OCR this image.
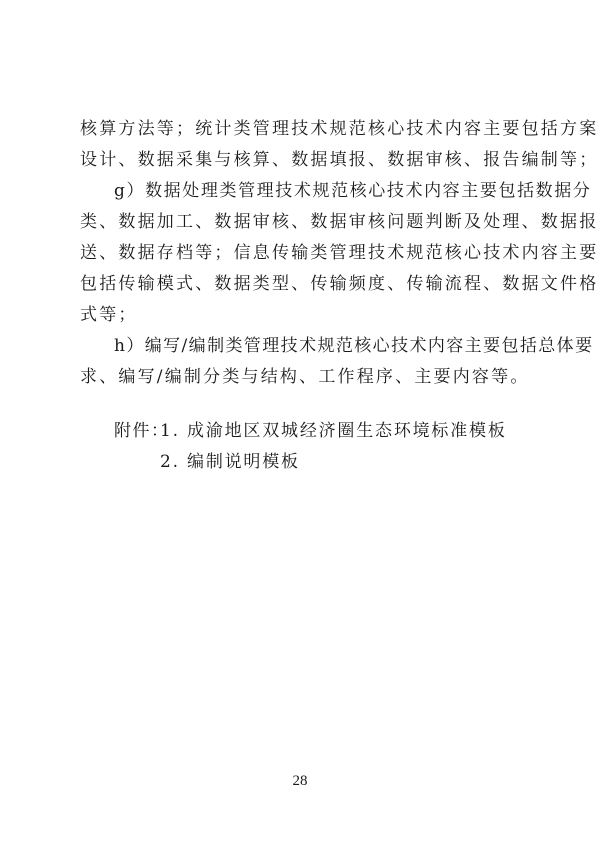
核算方法等；统计类管理技术规范核心技术内容主要包括方案
设计、数据采集与核算、数据填报、数据审核、报告编制等；
g）数据处理类管理技术规范核心技术内容主要包括数据分
类、数据加工、数据审核、数据审核问题判断及处理、数据报
送、数据存档等；信息传输类管理技术规范核心技术内容主要
包括传输模式、数据类型、传输频度、传输流程、数据文件格
式等；
h）编写/编制类管理技术规范核心技术内容主要包括总体要
求、编写/编制分类与结构、工作程序、主要内容等。
附件：
1. 成渝地区双城经济圈生态环境标准模板
2. 编制说明模板
28
